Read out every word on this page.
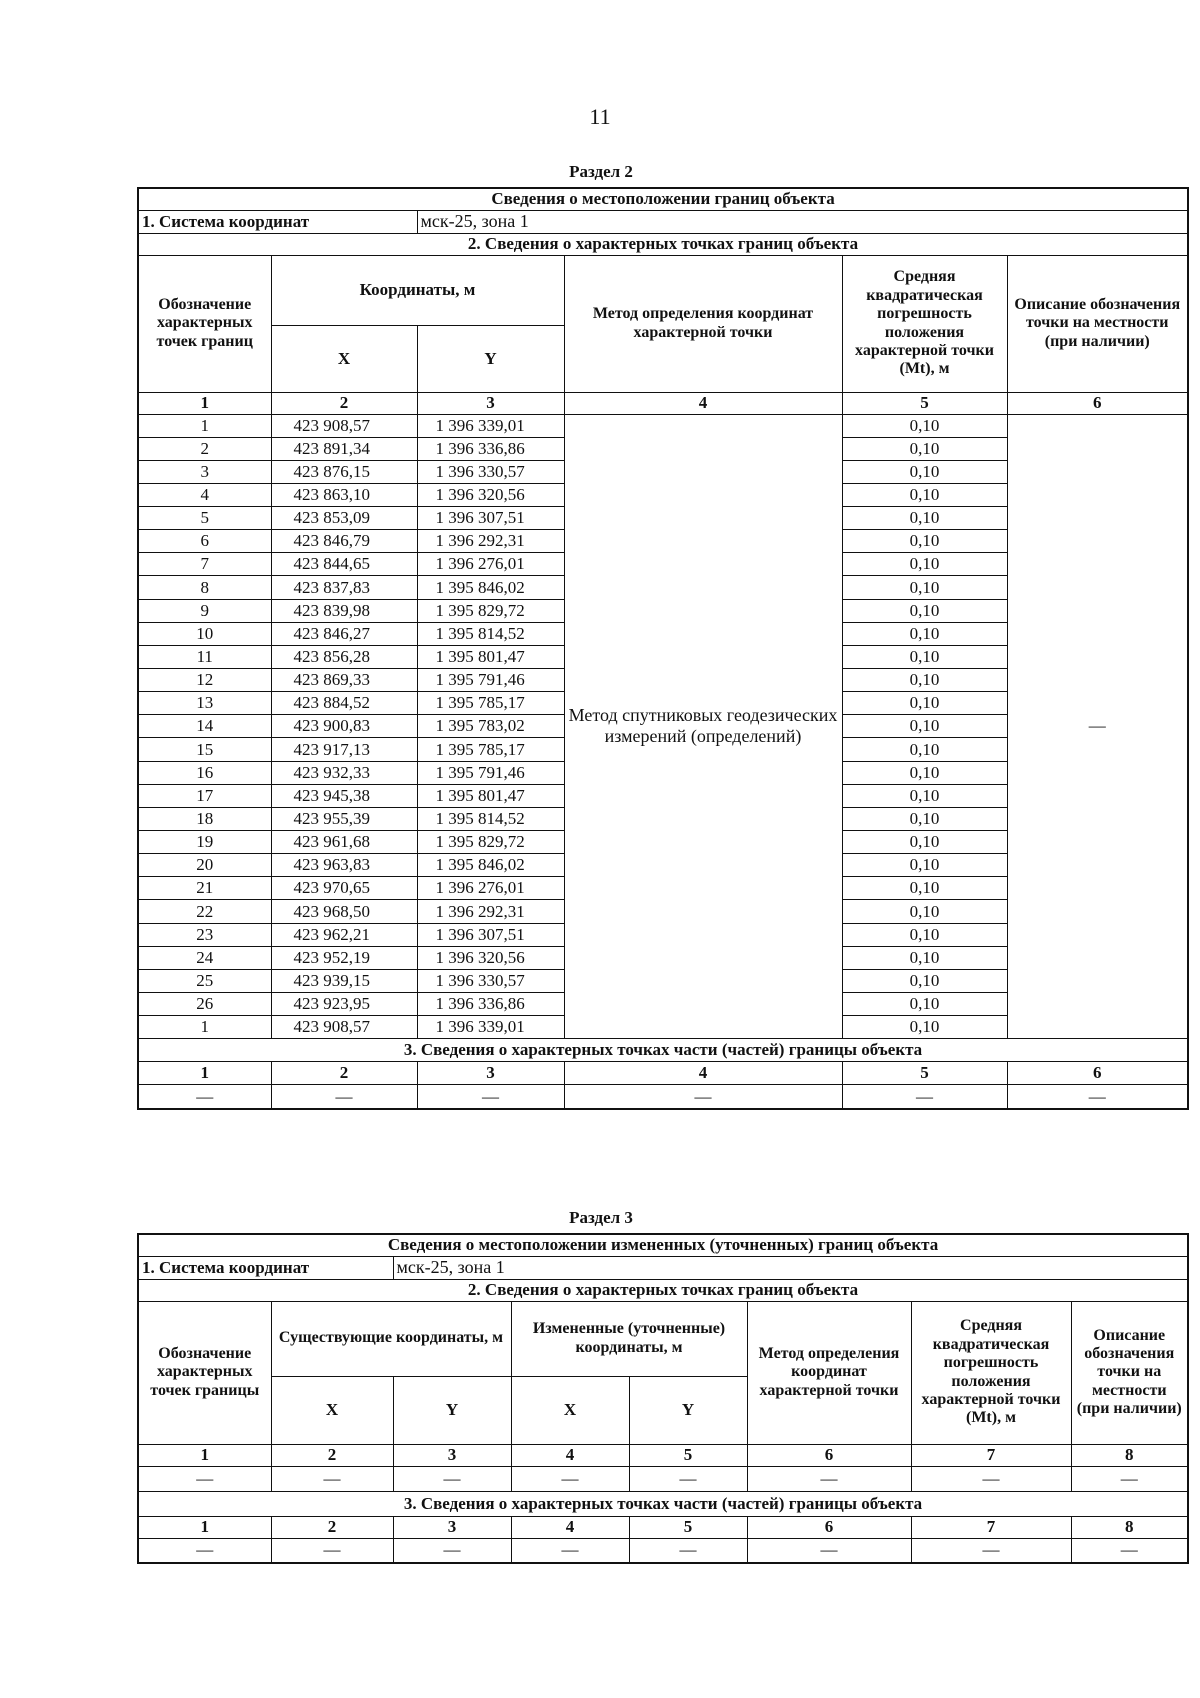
11
Раздел 2
Сведения о местоположении границ объекта					
1. Система координат		мск-25, зона 1			
2. Сведения о характерных точках границ объекта					
Обозначение характерных точек границ	Координаты, м		Метод определения координат характерной точки	Средняя квадратическая погрешность положения характерной точки (Mt), м	Описание обозначения точки на местности (при наличии)
	X	Y			
1	2	3	4	5	6
1	423 908,57	1 396 339,01	Метод спутниковых геодезических измерений (определений)	0,10	—
2	423 891,34	1 396 336,86		0,10	
3	423 876,15	1 396 330,57		0,10	
4	423 863,10	1 396 320,56		0,10	
5	423 853,09	1 396 307,51		0,10	
6	423 846,79	1 396 292,31		0,10	
7	423 844,65	1 396 276,01		0,10	
8	423 837,83	1 395 846,02		0,10	
9	423 839,98	1 395 829,72		0,10	
10	423 846,27	1 395 814,52		0,10	
11	423 856,28	1 395 801,47		0,10	
12	423 869,33	1 395 791,46		0,10	
13	423 884,52	1 395 785,17		0,10	
14	423 900,83	1 395 783,02		0,10	
15	423 917,13	1 395 785,17		0,10	
16	423 932,33	1 395 791,46		0,10	
17	423 945,38	1 395 801,47		0,10	
18	423 955,39	1 395 814,52		0,10	
19	423 961,68	1 395 829,72		0,10	
20	423 963,83	1 395 846,02		0,10	
21	423 970,65	1 396 276,01		0,10	
22	423 968,50	1 396 292,31		0,10	
23	423 962,21	1 396 307,51		0,10	
24	423 952,19	1 396 320,56		0,10	
25	423 939,15	1 396 330,57		0,10	
26	423 923,95	1 396 336,86		0,10	
1	423 908,57	1 396 339,01		0,10	
3. Сведения о характерных точках части (частей) границы объекта					
1	2	3	4	5	6
—	—	—	—	—	—
Раздел 3
Сведения о местоположении измененных (уточненных) границ объекта							
1. Система координат		мск-25, зона 1					
2. Сведения о характерных точках границ объекта							
Обозначение характерных точек границы	Существующие координаты, м		Измененные (уточненные) координаты, м		Метод определения координат характерной точки	Средняя квадратическая погрешность положения характерной точки (Mt), м	Описание обозначения точки на местности (при наличии)
	X	Y	X	Y			
1	2	3	4	5	6	7	8
—	—	—	—	—	—	—	—
3. Сведения о характерных точках части (частей) границы объекта							
1	2	3	4	5	6	7	8
—	—	—	—	—	—	—	—
